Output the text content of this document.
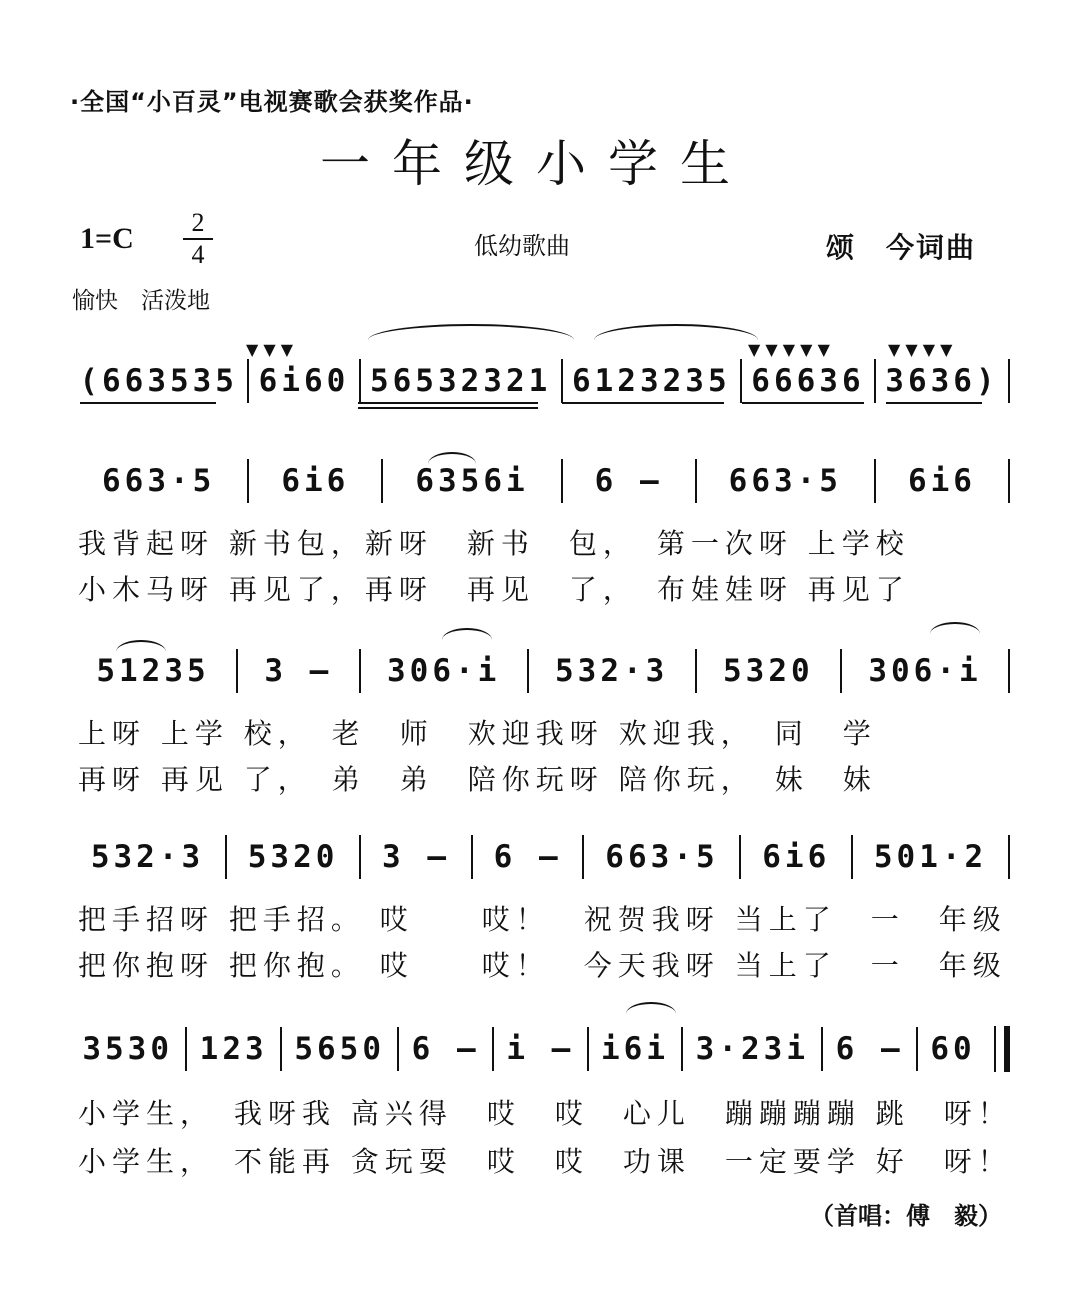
·全国“小百灵”电视赛歌会获奖作品·
一年级小学生
1=C	2
4	低幼歌曲	颂　今词曲
愉快　活泼地
(663535 6i60 56532321 6123235 66636 3636)
▼ ▼ ▼	▼ ▼ ▼ ▼ ▼	▼ ▼ ▼ ▼
663·5	6i6	6356i	6 –	663·5	6i6
我背起呀 新书包，新呀　新书　包，　第一次呀 上学校
小木马呀 再见了，再呀　再见　了，　布娃娃呀 再见了
51235	3 –	306·i	532·3	5320	306·i
上呀 上学 校，　老　师　欢迎我呀 欢迎我，　同　学
再呀 再见 了，　弟　弟　陪你玩呀 陪你玩，　妹　妹
532·3	5320	3 –	6 –	663·5	6i6	501·2
把手招呀 把手招。 哎　　哎！　祝贺我呀 当上了　一　年级
把你抱呀 把你抱。 哎　　哎！　今天我呀 当上了　一　年级
3530 123 5650 6 – i – i6i 3·23i 6 – 60
小学生，　我呀我 高兴得　哎　哎　心儿　蹦蹦蹦蹦 跳　呀！
小学生，　不能再 贪玩耍　哎　哎　功课　一定要学 好　呀！
（首唱：傅　毅）
